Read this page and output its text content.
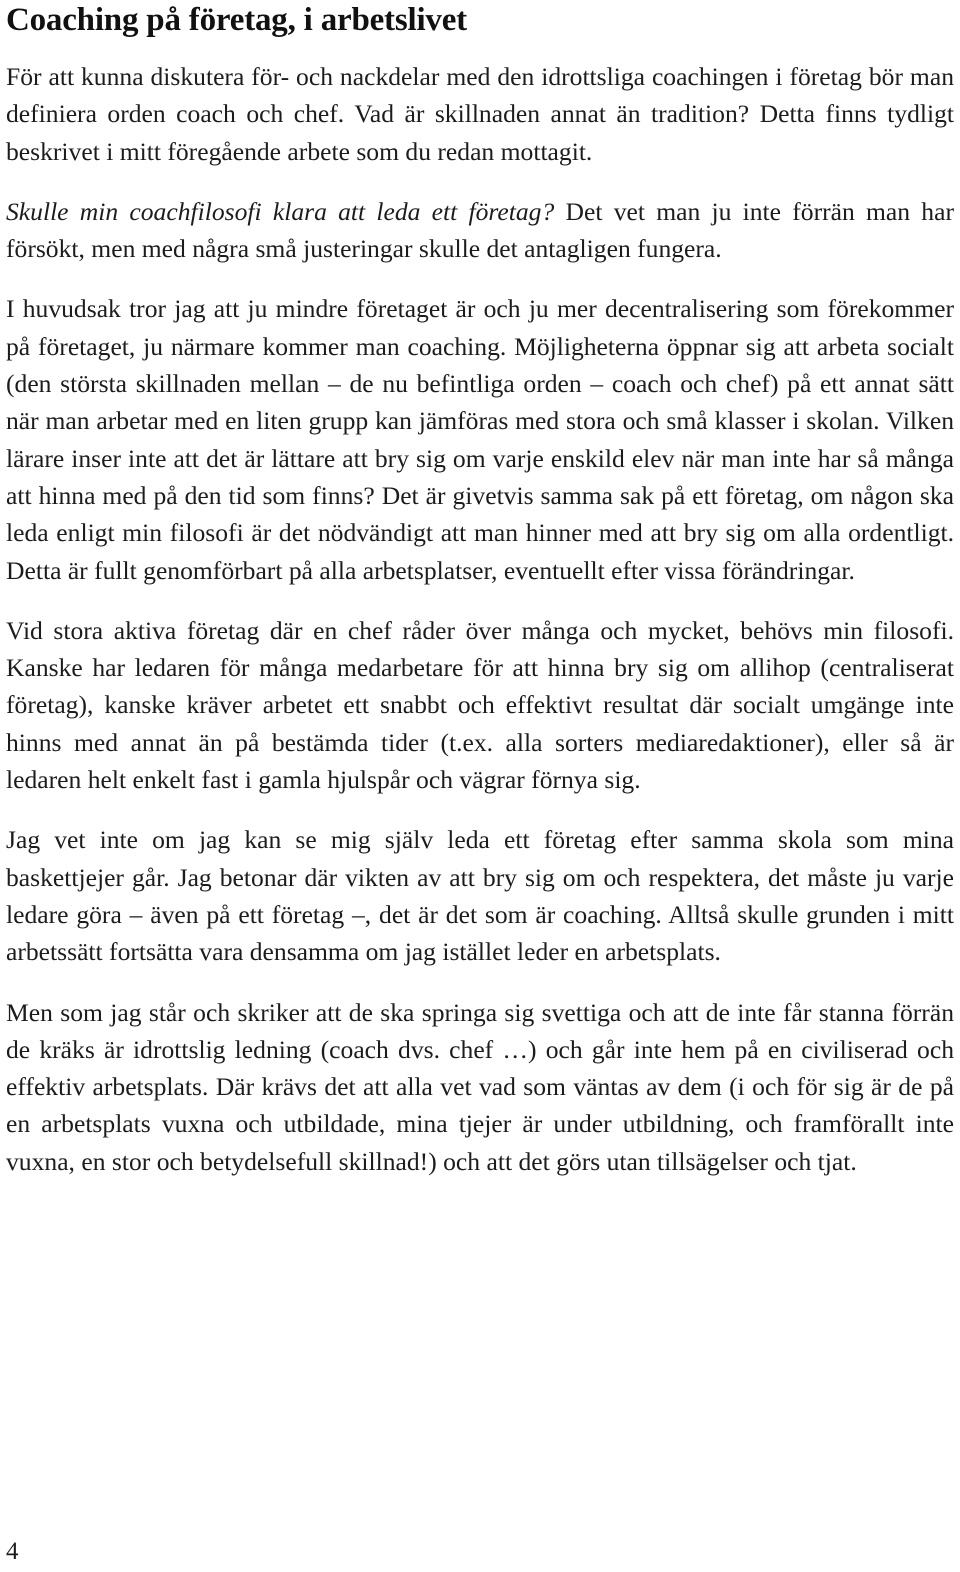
Coaching på företag, i arbetslivet

För att kunna diskutera för- och nackdelar med den idrottsliga coachingen i företag bör man definiera orden coach och chef. Vad är skillnaden annat än tradition? Detta finns tydligt beskrivet i mitt föregående arbete som du redan mottagit.

Skulle min coachfilosofi klara att leda ett företag? Det vet man ju inte förrän man har försökt, men med några små justeringar skulle det antagligen fungera.

I huvudsak tror jag att ju mindre företaget är och ju mer decentralisering som förekommer på företaget, ju närmare kommer man coaching. Möjligheterna öppnar sig att arbeta socialt (den största skillnaden mellan – de nu befintliga orden – coach och chef) på ett annat sätt när man arbetar med en liten grupp kan jämföras med stora och små klasser i skolan. Vilken lärare inser inte att det är lättare att bry sig om varje enskild elev när man inte har så många att hinna med på den tid som finns? Det är givetvis samma sak på ett företag, om någon ska leda enligt min filosofi är det nödvändigt att man hinner med att bry sig om alla ordentligt. Detta är fullt genomförbart på alla arbetsplatser, eventuellt efter vissa förändringar.

Vid stora aktiva företag där en chef råder över många och mycket, behövs min filosofi. Kanske har ledaren för många medarbetare för att hinna bry sig om allihop (centraliserat företag), kanske kräver arbetet ett snabbt och effektivt resultat där socialt umgänge inte hinns med annat än på bestämda tider (t.ex. alla sorters mediaredaktioner), eller så är ledaren helt enkelt fast i gamla hjulspår och vägrar förnya sig.

Jag vet inte om jag kan se mig själv leda ett företag efter samma skola som mina baskettjejer går. Jag betonar där vikten av att bry sig om och respektera, det måste ju varje ledare göra – även på ett företag –, det är det som är coaching. Alltså skulle grunden i mitt arbetssätt fortsätta vara densamma om jag istället leder en arbetsplats.

Men som jag står och skriker att de ska springa sig svettiga och att de inte får stanna förrän de kräks är idrottslig ledning (coach dvs. chef …) och går inte hem på en civiliserad och effektiv arbetsplats. Där krävs det att alla vet vad som väntas av dem (i och för sig är de på en arbetsplats vuxna och utbildade, mina tjejer är under utbildning, och framförallt inte vuxna, en stor och betydelsefull skillnad!) och att det görs utan tillsägelser och tjat.

4
